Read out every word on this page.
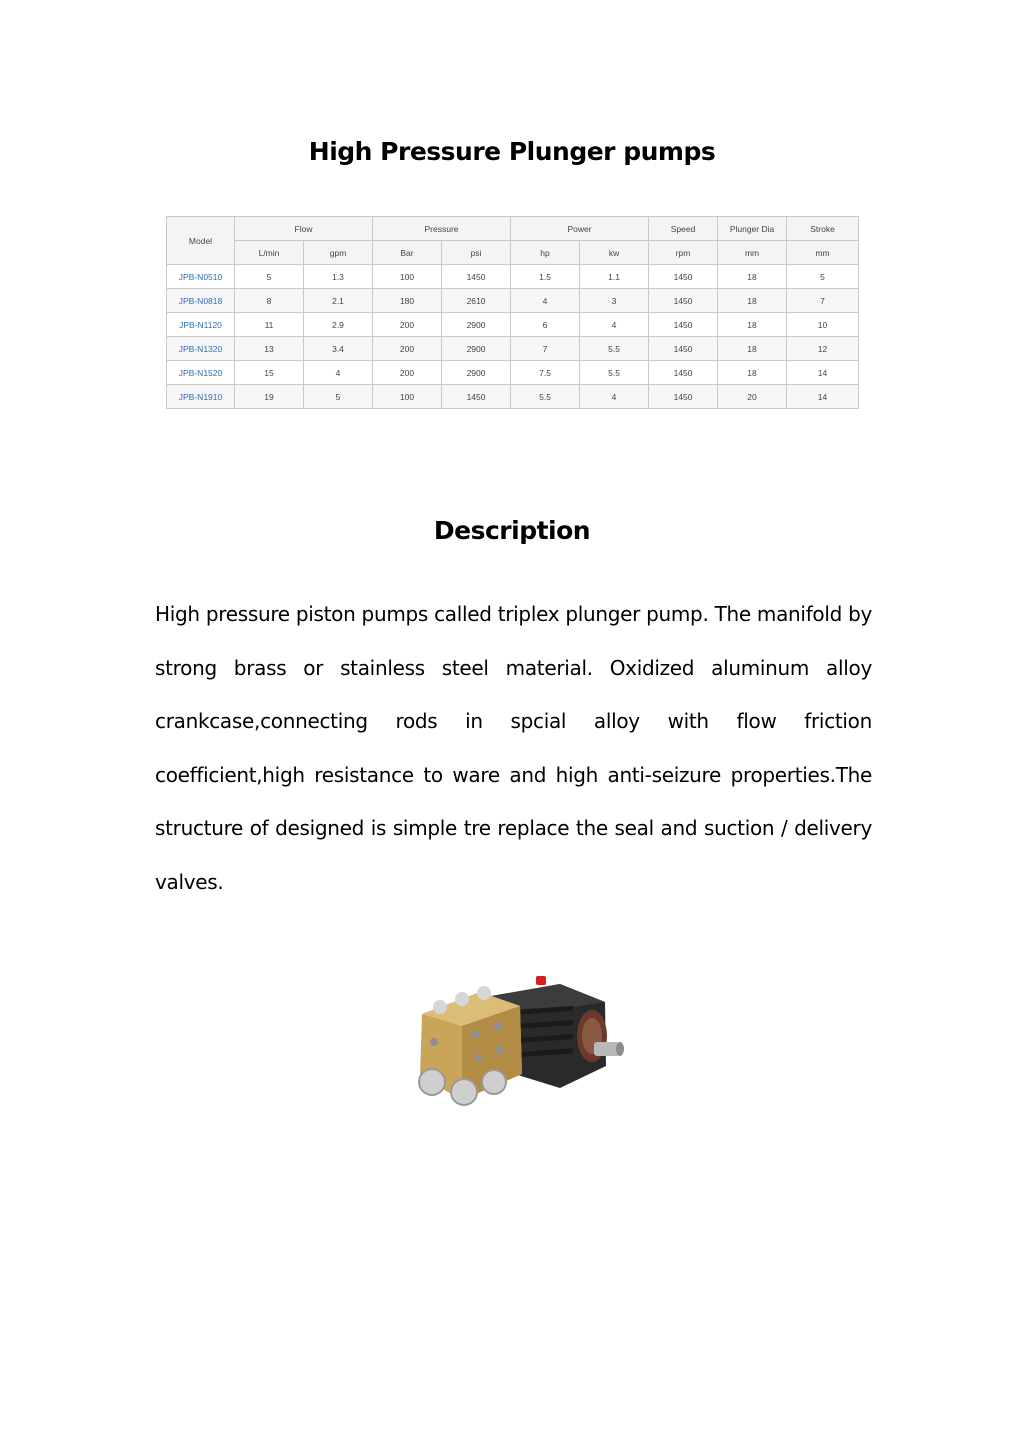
High Pressure Plunger pumps
Model	Flow		Pressure		Power		Speed	Plunger Dia	Stroke
	L/min	gpm	Bar	psi	hp	kw	rpm	mm	mm
JPB-N0510	5	1.3	100	1450	1.5	1.1	1450	18	5
JPB-N0818	8	2.1	180	2610	4	3	1450	18	7
JPB-N1120	11	2.9	200	2900	6	4	1450	18	10
JPB-N1320	13	3.4	200	2900	7	5.5	1450	18	12
JPB-N1520	15	4	200	2900	7.5	5.5	1450	18	14
JPB-N1910	19	5	100	1450	5.5	4	1450	20	14
Description

High pressure piston pumps called triplex plunger pump. The manifold by strong brass or stainless steel material. Oxidized aluminum alloy crankcase,connecting rods in spcial alloy with flow friction coefficient,high resistance to ware and high anti-seizure properties.The structure of designed is simple tre replace the seal and suction / delivery valves.
